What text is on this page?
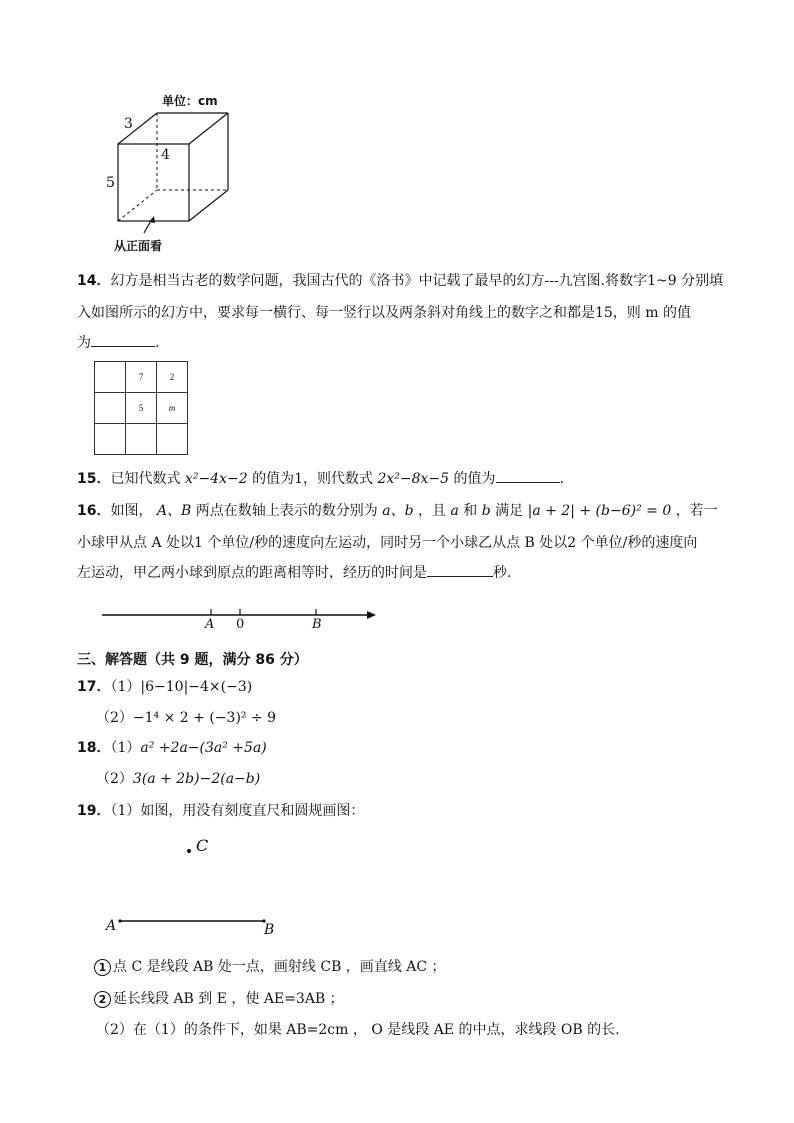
单位：cm
3
4
5
从正面看
14．幻方是相当古老的数学问题，我国古代的《洛书》中记载了最早的幻方---九宫图.将数字1~9 分别填
入如图所示的幻方中，要求每一横行、每一竖行以及两条斜对角线上的数字之和都是15，则 m 的值
为	.
	7	2
	5	m

15．已知代数式 x²−4x−2 的值为1，则代数式 2x²−8x−5 的值为	.
16．如图， A、B 两点在数轴上表示的数分别为 a、b ，且 a 和 b 满足 |a + 2| + (b−6)² = 0 ，若一
小球甲从点 A 处以1 个单位/秒的速度向左运动，同时另一个小球乙从点 B 处以2 个单位/秒的速度向
左运动，甲乙两小球到原点的距离相等时，经历的时间是	秒.
A 0	B
三、解答题（共 9 题，满分 86 分）
17．（1）|6−10|−4×(−3)
（2）−1⁴ × 2 + (−3)² ÷ 9
18．（1）a² +2a−(3a² +5a)
（2）3(a + 2b)−2(a−b)
19．（1）如图，用没有刻度直尺和圆规画图：
C
A	B
1 点 C 是线段 AB 处一点，画射线 CB ，画直线 AC ；
2 延长线段 AB 到 E ，使 AE=3AB ；
（2）在（1）的条件下，如果 AB=2cm ， O 是线段 AE 的中点，求线段 OB 的长.
